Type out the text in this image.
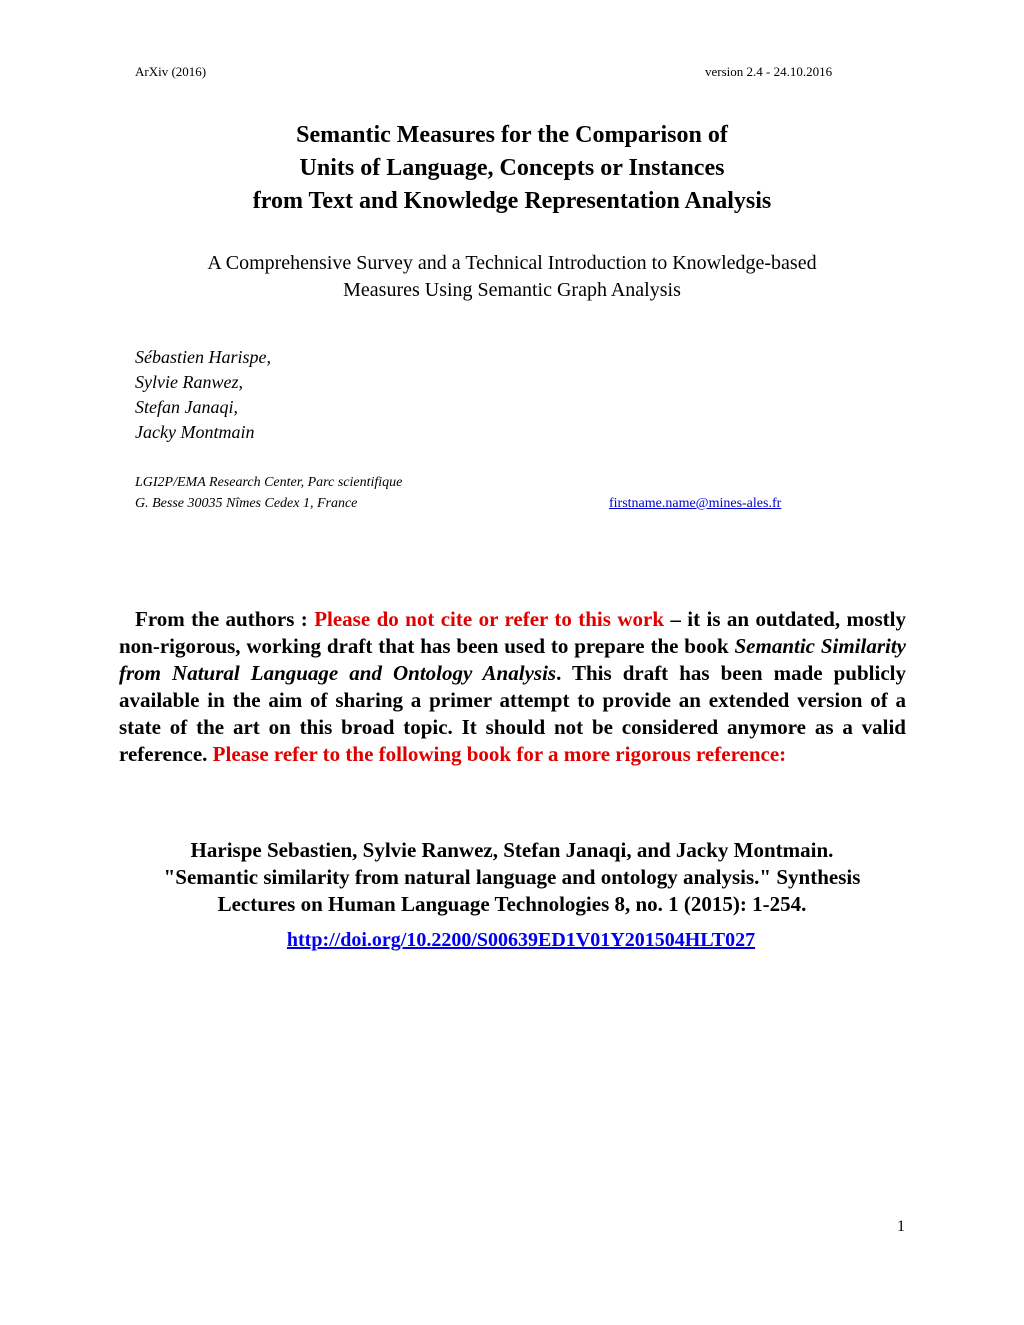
ArXiv (2016)	version 2.4 - 24.10.2016
Semantic Measures for the Comparison of
Units of Language, Concepts or Instances
from Text and Knowledge Representation Analysis
A Comprehensive Survey and a Technical Introduction to Knowledge-based
Measures Using Semantic Graph Analysis
Sébastien Harispe,
Sylvie Ranwez,
Stefan Janaqi,
Jacky Montmain
LGI2P/EMA Research Center, Parc scientifique
G. Besse 30035 Nîmes Cedex 1, France	firstname.name@mines-ales.fr
From the authors : Please do not cite or refer to this work – it is an outdated, mostly non-rigorous, working draft that has been used to prepare the book Semantic Similarity from Natural Language and Ontology Analysis. This draft has been made publicly available in the aim of sharing a primer attempt to provide an extended version of a state of the art on this broad topic. It should not be considered anymore as a valid reference. Please refer to the following book for a more rigorous reference:
Harispe Sebastien, Sylvie Ranwez, Stefan Janaqi, and Jacky Montmain.
"Semantic similarity from natural language and ontology analysis." Synthesis
Lectures on Human Language Technologies 8, no. 1 (2015): 1-254.
http://doi.org/10.2200/S00639ED1V01Y201504HLT027
1
